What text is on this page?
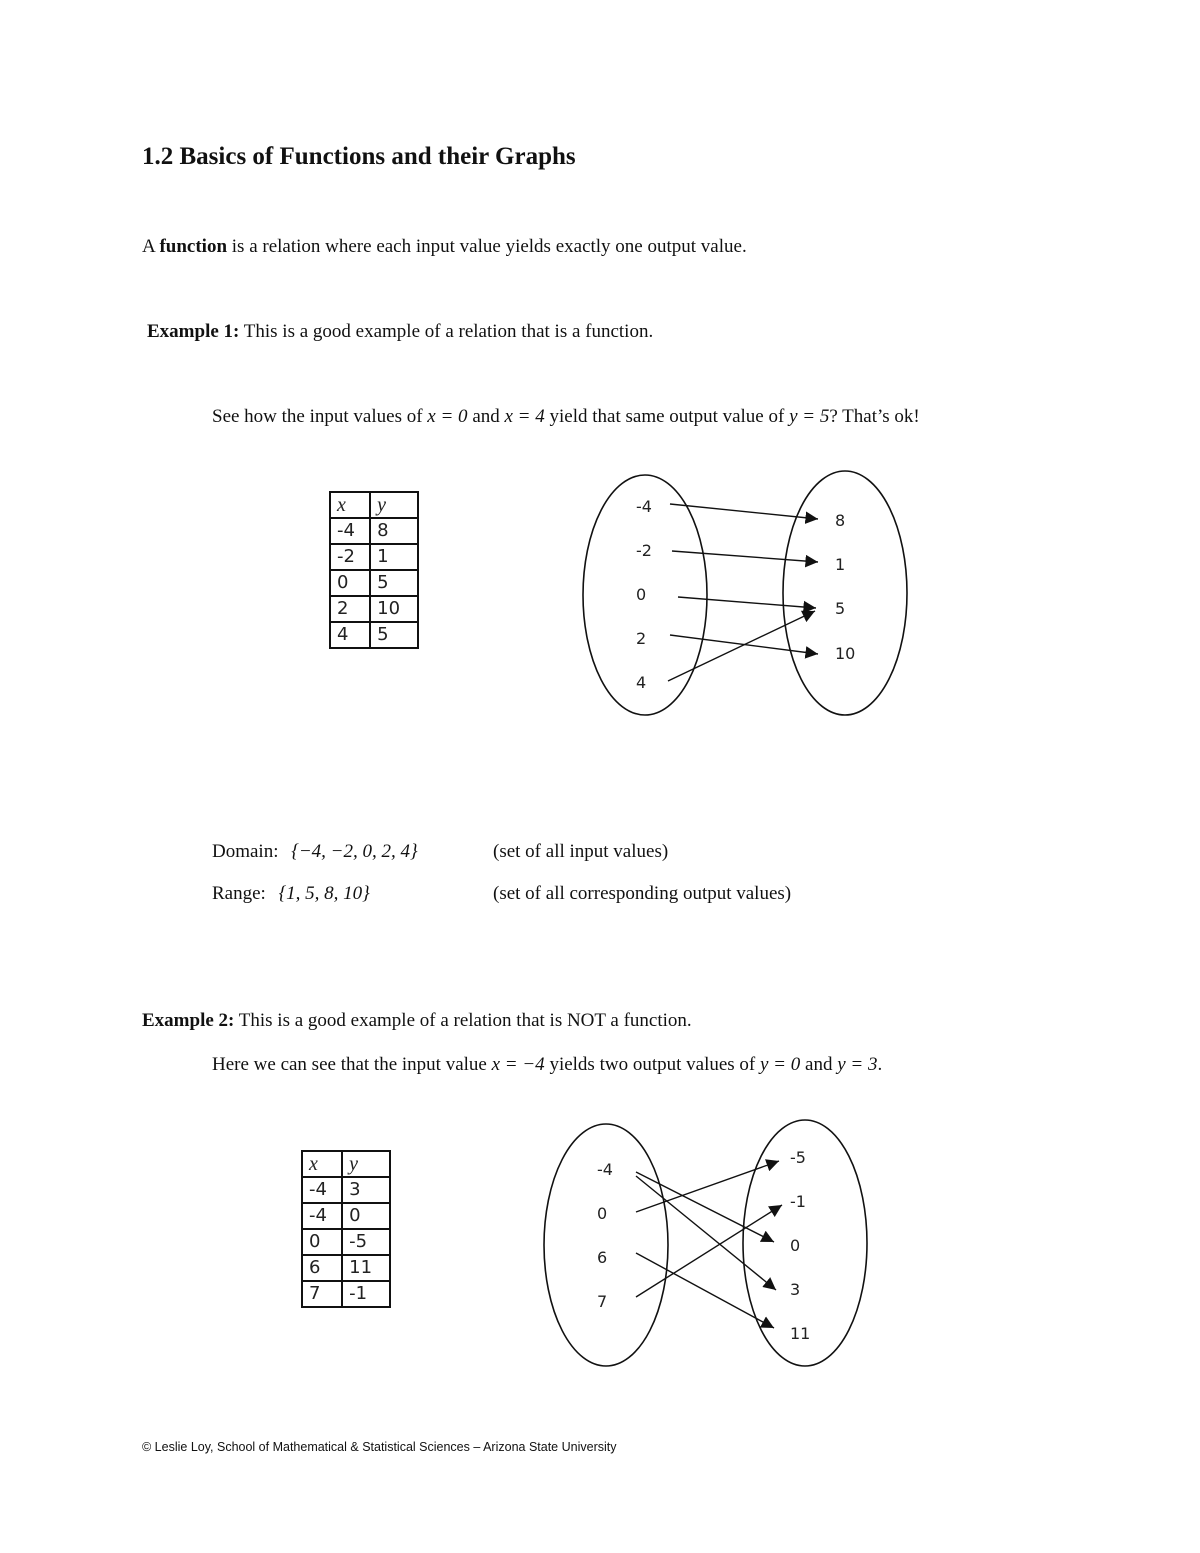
1.2 Basics of Functions and their Graphs
A function is a relation where each input value yields exactly one output value.
Example 1: This is a good example of a relation that is a function.
See how the input values of x = 0 and x = 4 yield that same output value of y = 5? That’s ok!
x	y
-4	8
-2	1
0	5
2	10
4	5
-4
-2
0
2
4
8
1
5
10
Domain: {−4, −2, 0, 2, 4}	(set of all input values)
Range: {1, 5, 8, 10}	(set of all corresponding output values)
Example 2: This is a good example of a relation that is NOT a function.
Here we can see that the input value x = −4 yields two output values of y = 0 and y = 3.
x	y
-4	3
-4	0
0	-5
6	11
7	-1
-4
0
6
7
-5
-1
0
3
11
© Leslie Loy, School of Mathematical & Statistical Sciences – Arizona State University
